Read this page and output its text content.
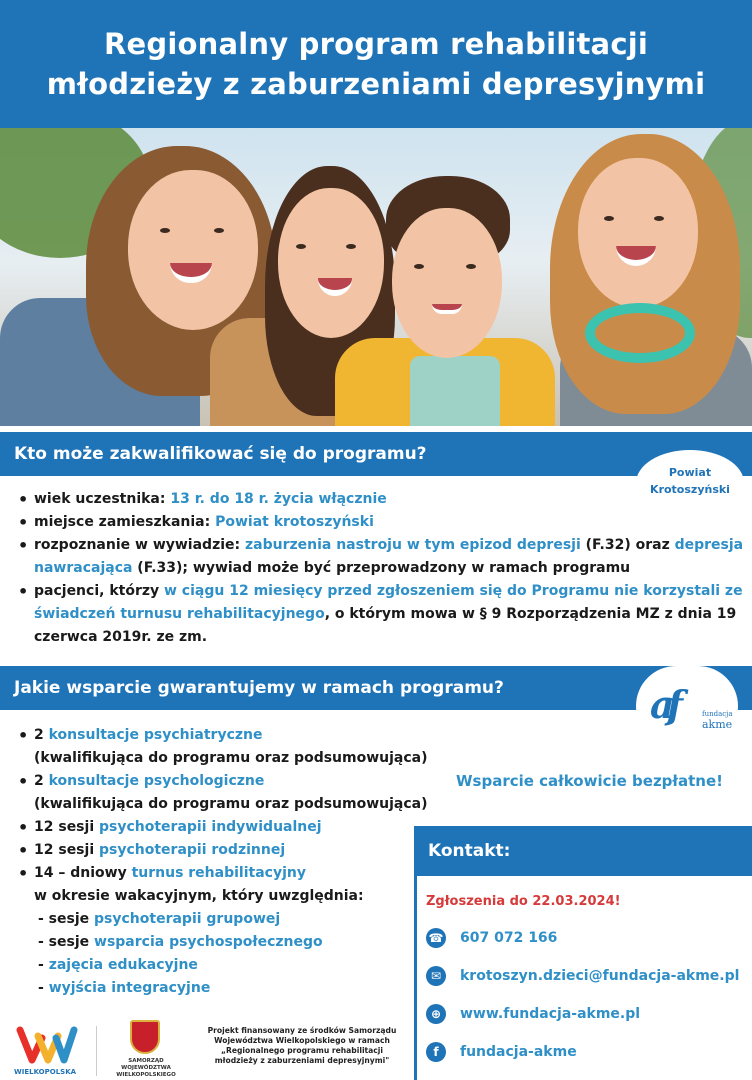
Regionalny program rehabilitacji
młodzieży z zaburzeniami depresyjnymi
Kto może zakwalifikować się do programu?
Powiat
Krotoszyński
• wiek uczestnika: 13 r. do 18 r. życia włącznie
• miejsce zamieszkania: Powiat krotoszyński
• rozpoznanie w wywiadzie: zaburzenia nastroju w tym epizod depresji (F.32) oraz depresja
nawracająca (F.33); wywiad może być przeprowadzony w ramach programu
• pacjenci, którzy w ciągu 12 miesięcy przed zgłoszeniem się do Programu nie korzystali ze
świadczeń turnusu rehabilitacyjnego, o którym mowa w § 9 Rozporządzenia MZ z dnia 19
czerwca 2019r. ze zm.
Jakie wsparcie gwarantujemy w ramach programu?	af	fundacja
akme
• 2 konsultacje psychiatryczne
(kwalifikująca do programu oraz podsumowująca)
• 2 konsultacje psychologiczne
(kwalifikująca do programu oraz podsumowująca)
• 12 sesji psychoterapii indywidualnej
• 12 sesji psychoterapii rodzinnej
• 14 – dniowy turnus rehabilitacyjny
w okresie wakacyjnym, który uwzględnia:
- sesje psychoterapii grupowej
- sesje wsparcia psychospołecznego
- zajęcia edukacyjne
- wyjścia integracyjne
Wsparcie całkowicie bezpłatne!
Kontakt:
Zgłoszenia do 22.03.2024!
☎ 607 072 166
✉	krotoszyn.dzieci@fundacja-akme.pl
⊕	www.fundacja-akme.pl
f	fundacja-akme
WIELKOPOLSKA
SAMORZĄD
WOJEWÓDZTWA
WIELKOPOLSKIEGO
Projekt finansowany ze środków Samorządu
Województwa Wielkopolskiego w ramach
„Regionalnego programu rehabilitacji
młodzieży z zaburzeniami depresyjnymi"
